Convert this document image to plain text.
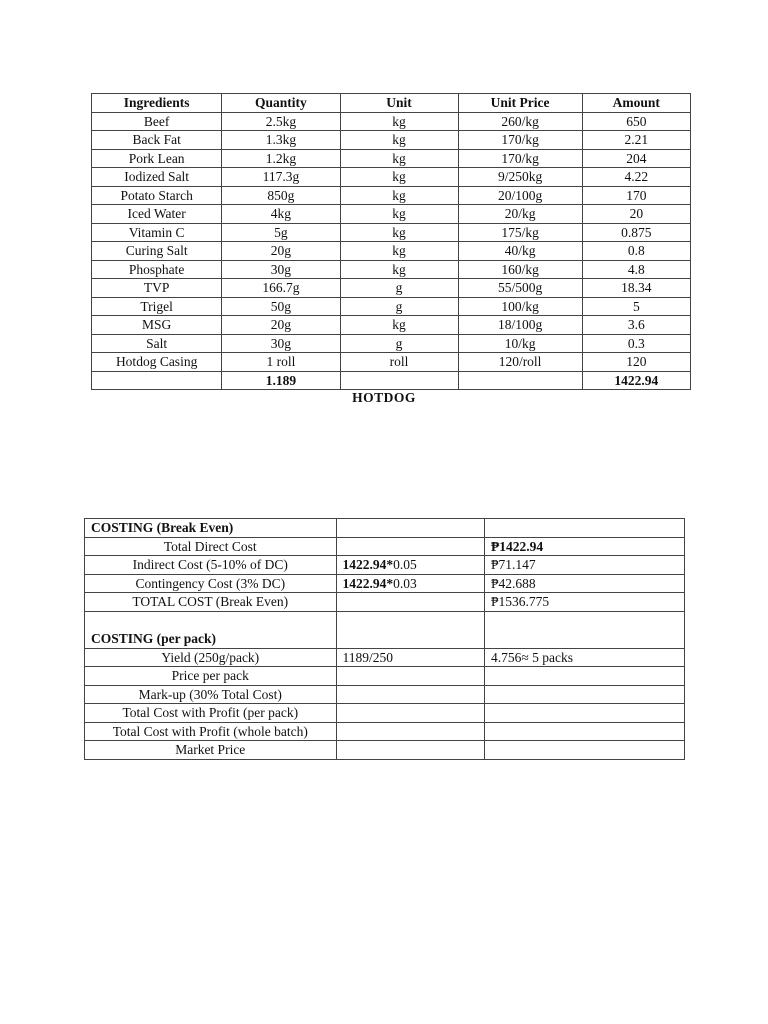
Ingredients	Quantity	Unit	Unit Price	Amount
Beef	2.5kg	kg	260/kg	650
Back Fat	1.3kg	kg	170/kg	2.21
Pork Lean	1.2kg	kg	170/kg	204
Iodized Salt	117.3g	kg	9/250kg	4.22
Potato Starch	850g	kg	20/100g	170
Iced Water	4kg	kg	20/kg	20
Vitamin C	5g	kg	175/kg	0.875
Curing Salt	20g	kg	40/kg	0.8
Phosphate	30g	kg	160/kg	4.8
TVP	166.7g	g	55/500g	18.34
Trigel	50g	g	100/kg	5
MSG	20g	kg	18/100g	3.6
Salt	30g	g	10/kg	0.3
Hotdog Casing	1 roll	roll	120/roll	120
	1.189			1422.94
HOTDOG
COSTING (Break Even)		
Total Direct Cost		₱1422.94
Indirect Cost (5-10% of DC)	1422.94*0.05	₱71.147
Contingency Cost (3% DC)	1422.94*0.03	₱42.688
TOTAL COST (Break Even)		₱1536.775
COSTING (per pack)		
Yield (250g/pack)	1189/250	4.756≈ 5 packs
Price per pack		
Mark-up (30% Total Cost)		
Total Cost with Profit (per pack)		
Total Cost with Profit (whole batch)		
Market Price		
